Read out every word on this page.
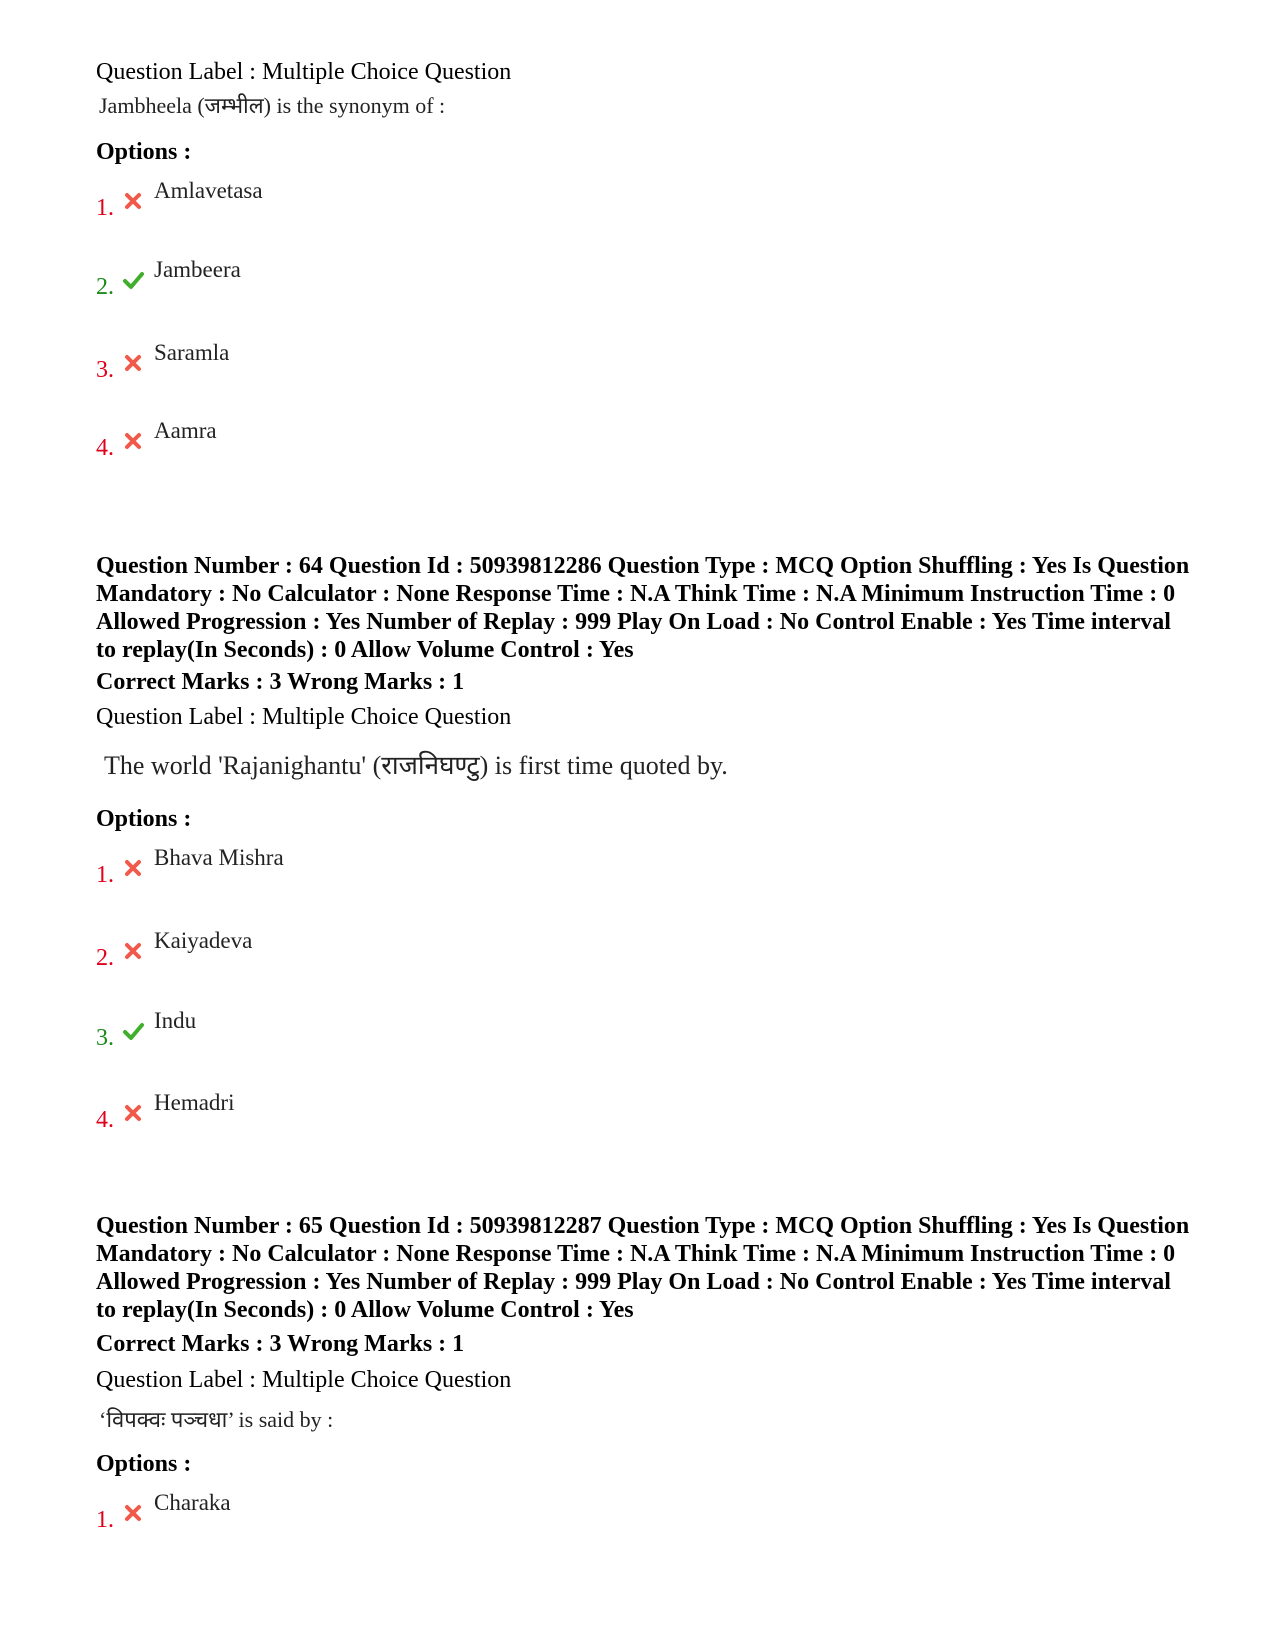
Question Label : Multiple Choice Question
Jambheela (जम्भील) is the synonym of :
Options :
1.
Amlavetasa
2.
Jambeera
3.
Saramla
4.
Aamra
Question Number : 64 Question Id : 50939812286 Question Type : MCQ Option Shuffling : Yes Is Question Mandatory : No Calculator : None Response Time : N.A Think Time : N.A Minimum Instruction Time : 0 Allowed Progression : Yes Number of Replay : 999 Play On Load : No Control Enable : Yes Time interval to replay(In Seconds) : 0 Allow Volume Control : Yes
Correct Marks : 3 Wrong Marks : 1
Question Label : Multiple Choice Question
The world 'Rajanighantu' (राजनिघण्टु) is first time quoted by.
Options :
1.
Bhava Mishra
2.
Kaiyadeva
3.
Indu
4.
Hemadri
Question Number : 65 Question Id : 50939812287 Question Type : MCQ Option Shuffling : Yes Is Question Mandatory : No Calculator : None Response Time : N.A Think Time : N.A Minimum Instruction Time : 0 Allowed Progression : Yes Number of Replay : 999 Play On Load : No Control Enable : Yes Time interval to replay(In Seconds) : 0 Allow Volume Control : Yes
Correct Marks : 3 Wrong Marks : 1
Question Label : Multiple Choice Question
‘विपक्वः पञ्चधा’ is said by :
Options :
1.
Charaka
